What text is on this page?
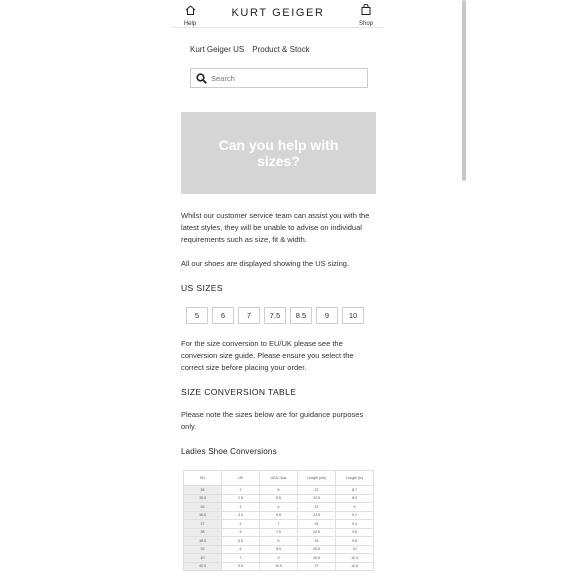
Help
KURT GEIGER
Shop
Kurt Geiger US Product & Stock
Search
Can you help with sizes?

Whilst our customer service team can assist you with the latest styles, they will be unable to advise on individual requirements such as size, fit & width.

All our shoes are displayed showing the US sizing.

US SIZES
5	6	7	7.5	8.5	9	10

For the size conversion to EU/UK please see the conversion size guide. Please ensure you select the correct size before placing your order.

SIZE CONVERSION TABLE

Please note the sizes below are for guidance purposes only.

Ladies Shoe Conversions
EU	UK	USA / Aus	Length (cm)	Length (in)
35	2	5	22	8.7
35.5	2.5	5.5	22.5	8.9
36	3	6	23	9
36.5	3.5	6.5	23.5	9.1
37	4	7	24	9.4
38	5	7.5	24.5	9.6
38.5	5.5	8	25	9.8
39	6	8.5	25.5	10
40	7	9	26.5	10.4
40.5	9.5	10.5	27	10.6
